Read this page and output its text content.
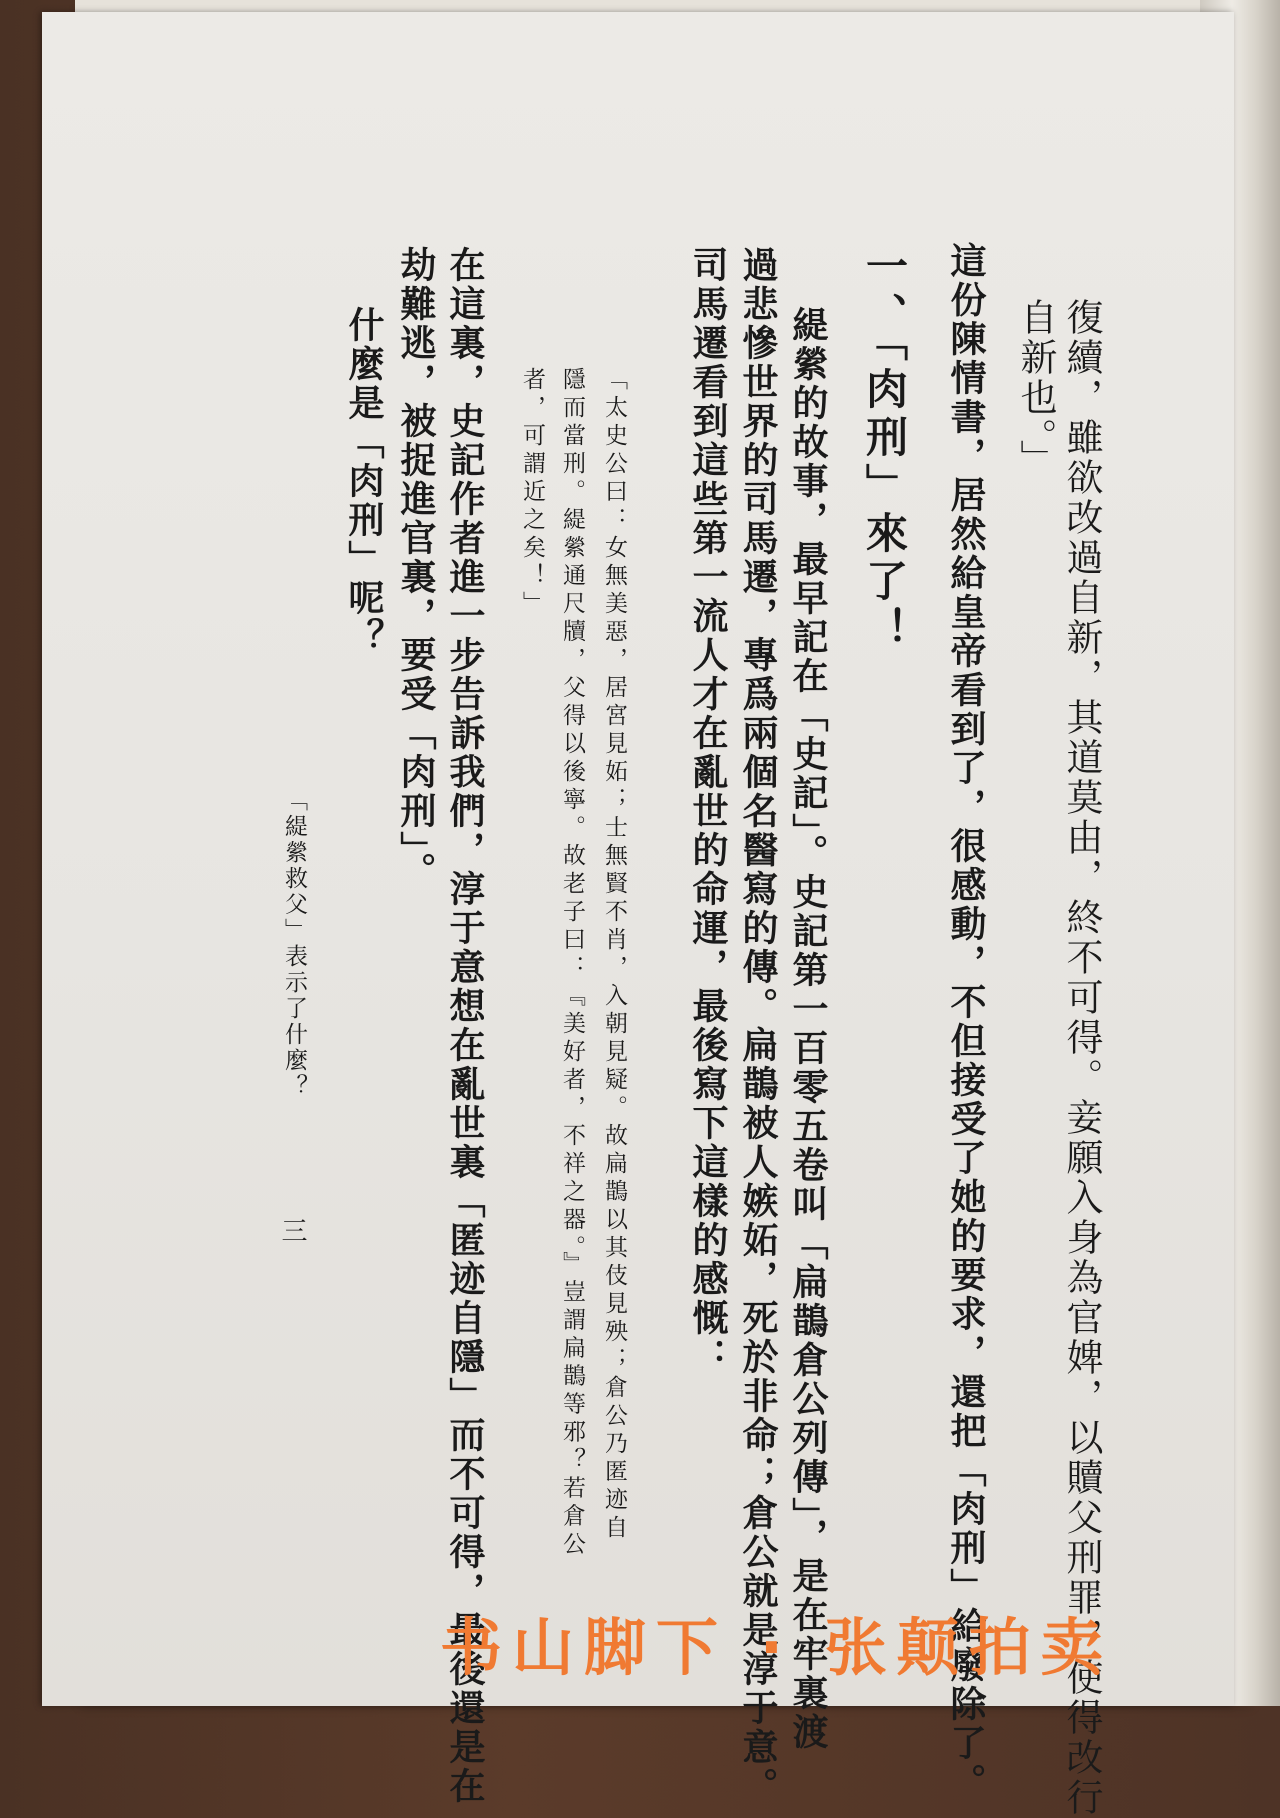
復續，雖欲改過自新，其道莫由，終不可得。妾願入身為官婢，以贖父刑罪，使得改行
自新也。」
這份陳情書，居然給皇帝看到了，很感動，不但接受了她的要求，還把「肉刑」給廢除了。
一、「肉刑」來了！
緹縈的故事，最早記在「史記」。史記第一百零五卷叫「扁鵲倉公列傳」，是在牢裏渡
過悲慘世界的司馬遷，專爲兩個名醫寫的傳。扁鵲被人嫉妬，死於非命；倉公就是淳于意。
司馬遷看到這些第一流人才在亂世的命運，最後寫下這樣的感慨：
「太史公曰：女無美惡，居宮見妬；士無賢不肖，入朝見疑。故扁鵲以其伎見殃；倉公乃匿迹自
隱而當刑。緹縈通尺牘，父得以後寧。故老子曰：『美好者，不祥之器。』豈謂扁鵲等邪？若倉公
者，可謂近之矣！」
在這裏，史記作者進一步告訴我們，淳于意想在亂世裏「匿迹自隱」而不可得，最後還是在
劫難逃，被捉進官裏，要受「肉刑」。
什麼是「肉刑」呢？
「緹縈救父」表示了什麼？
三
书山脚下 · 张颠拍卖
